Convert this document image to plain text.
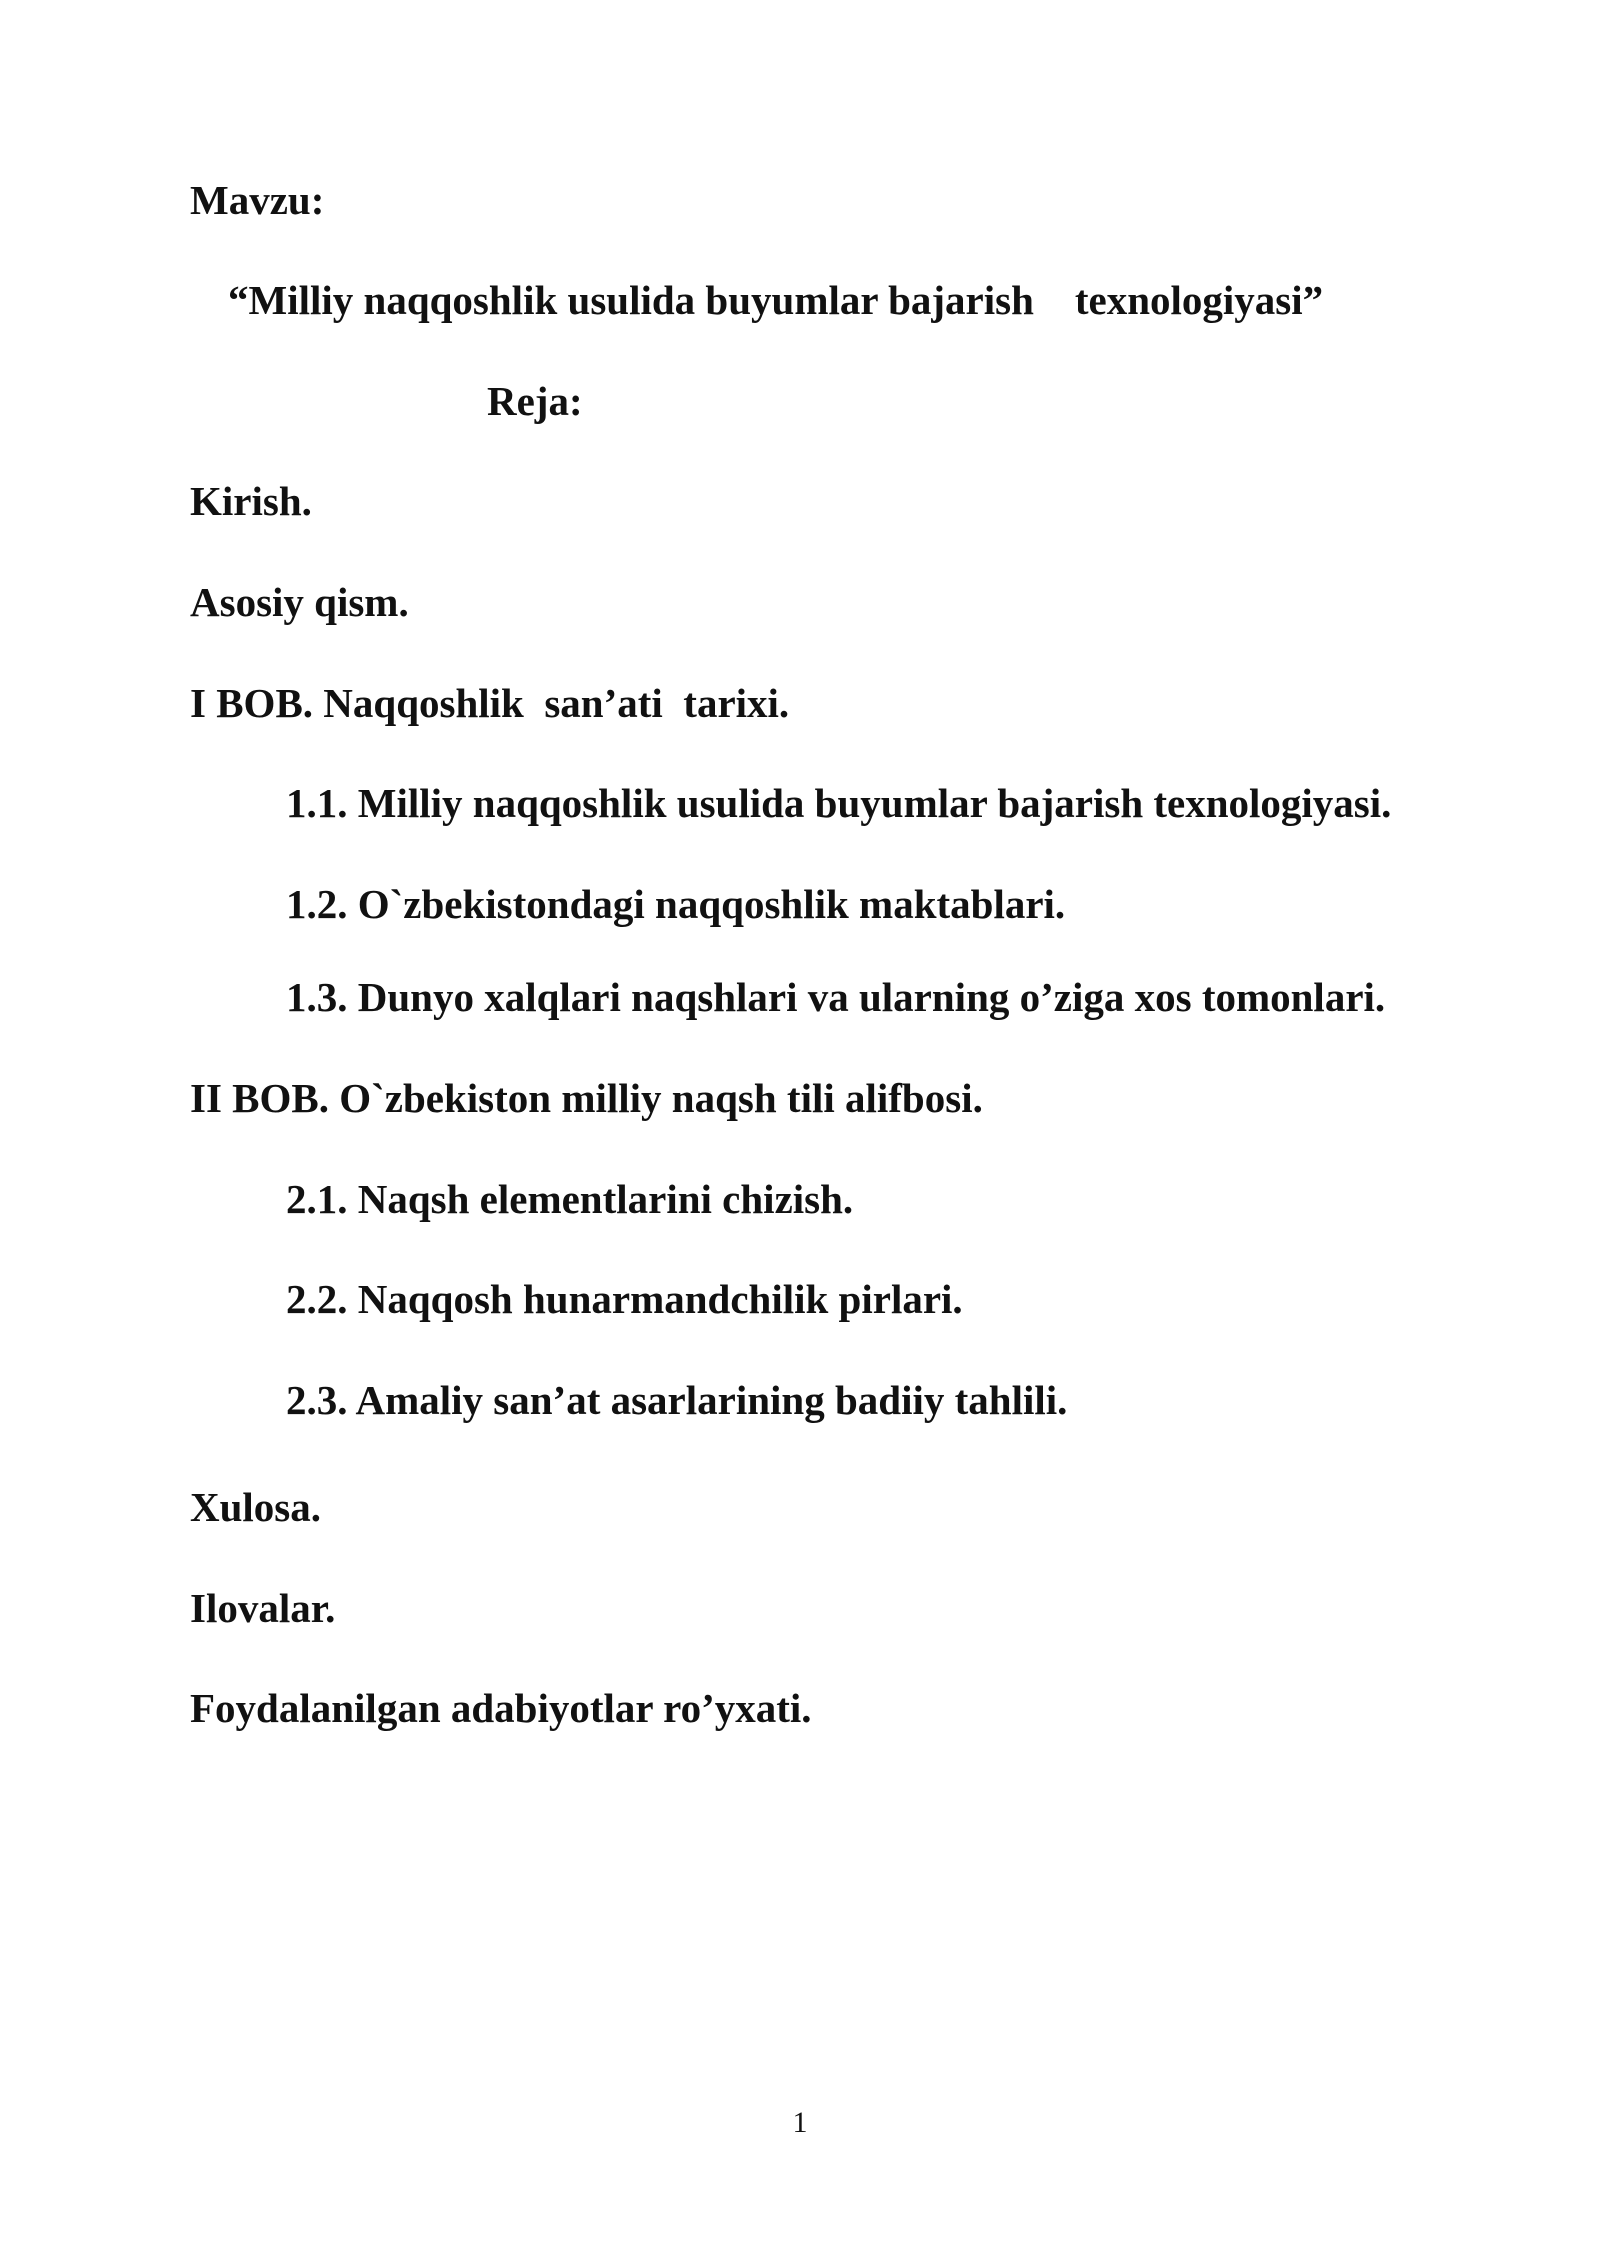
Mavzu:
“Milliy naqqoshlik usulida buyumlar bajarish    texnologiyasi”
Reja:
Kirish.
Asosiy qism.
I BOB. Naqqoshlik  san’ati  tarixi.
1.1. Milliy naqqoshlik usulida buyumlar bajarish texnologiyasi.
1.2. O`zbekistondagi naqqoshlik maktablari.
1.3. Dunyo xalqlari naqshlari va ularning o’ziga xos tomonlari.
II BOB. O`zbekiston milliy naqsh tili alifbosi.
2.1. Naqsh elementlarini chizish.
2.2. Naqqosh hunarmandchilik pirlari.
2.3. Amaliy san’at asarlarining badiiy tahlili.
Xulosa.
Ilovalar.
Foydalanilgan adabiyotlar ro’yxati.
1
